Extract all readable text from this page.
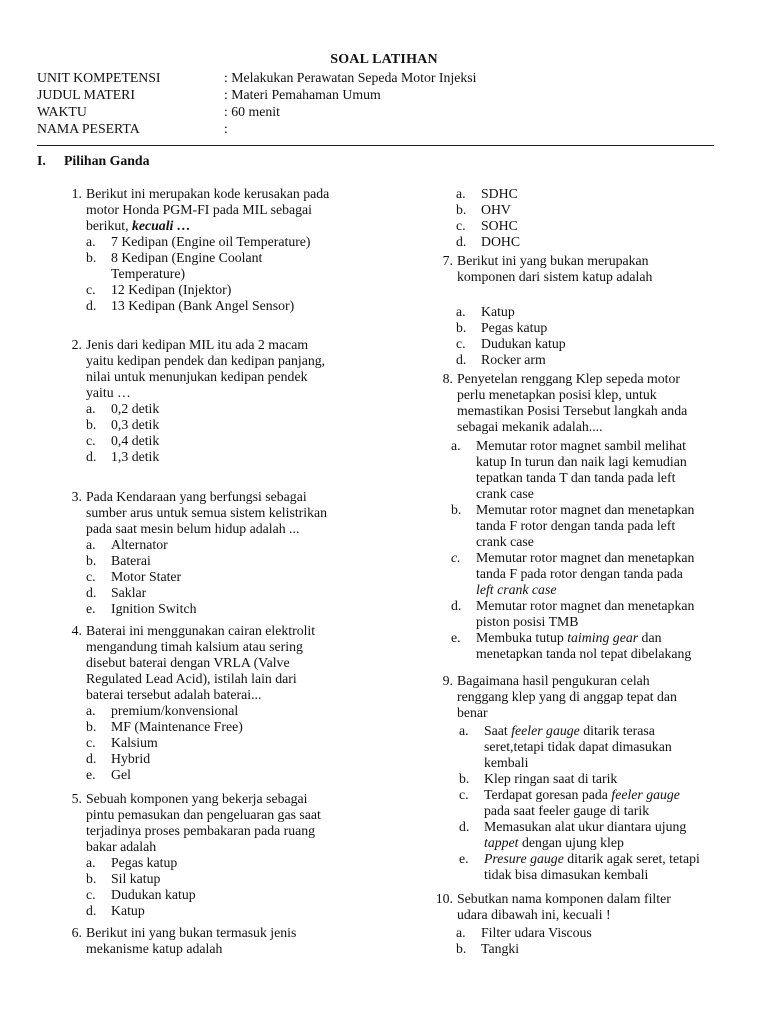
SOAL LATIHAN
UNIT KOMPETENSI	: Melakukan Perawatan Sepeda Motor Injeksi
JUDUL MATERI	: Materi Pemahaman Umum
WAKTU	: 60 menit
NAMA PESERTA	:
I. Pilihan Ganda
1. Berikut ini merupakan kode kerusakan pada
motor Honda PGM-FI pada MIL sebagai
berikut, kecuali …
a. 7 Kedipan (Engine oil Temperature)
b. 8 Kedipan (Engine Coolant
Temperature)
c. 12 Kedipan (Injektor)
d. 13 Kedipan (Bank Angel Sensor)
2. Jenis dari kedipan MIL itu ada 2 macam
yaitu kedipan pendek dan kedipan panjang,
nilai untuk menunjukan kedipan pendek
yaitu …
a. 0,2 detik
b. 0,3 detik
c. 0,4 detik
d. 1,3 detik
3. Pada Kendaraan yang berfungsi sebagai
sumber arus untuk semua sistem kelistrikan
pada saat mesin belum hidup adalah ...
a. Alternator
b. Baterai
c. Motor Stater
d. Saklar
e. Ignition Switch
4. Baterai ini menggunakan cairan elektrolit
mengandung timah kalsium atau sering
disebut baterai dengan VRLA (Valve
Regulated Lead Acid), istilah lain dari
baterai tersebut adalah baterai...
a. premium/konvensional
b. MF (Maintenance Free)
c. Kalsium
d. Hybrid
e. Gel
5. Sebuah komponen yang bekerja sebagai
pintu pemasukan dan pengeluaran gas saat
terjadinya proses pembakaran pada ruang
bakar adalah
a. Pegas katup
b. Sil katup
c. Dudukan katup
d. Katup
6. Berikut ini yang bukan termasuk jenis
mekanisme katup adalah
a. SDHC
b. OHV
c. SOHC
d. DOHC
7. Berikut ini yang bukan merupakan
komponen dari sistem katup adalah
a. Katup
b. Pegas katup
c. Dudukan katup
d. Rocker arm
8. Penyetelan renggang Klep sepeda motor
perlu menetapkan posisi klep, untuk
memastikan Posisi Tersebut langkah anda
sebagai mekanik adalah....
a. Memutar rotor magnet sambil melihat
katup In turun dan naik lagi kemudian
tepatkan tanda T dan tanda pada left
crank case
b. Memutar rotor magnet dan menetapkan
tanda F rotor dengan tanda pada left
crank case
c. Memutar rotor magnet dan menetapkan
tanda F pada rotor dengan tanda pada
left crank case
d. Memutar rotor magnet dan menetapkan
piston posisi TMB
e. Membuka tutup taiming gear dan
menetapkan tanda nol tepat dibelakang
9. Bagaimana hasil pengukuran celah
renggang klep yang di anggap tepat dan
benar
a. Saat feeler gauge ditarik terasa
seret,tetapi tidak dapat dimasukan
kembali
b. Klep ringan saat di tarik
c. Terdapat goresan pada feeler gauge
pada saat feeler gauge di tarik
d. Memasukan alat ukur diantara ujung
tappet dengan ujung klep
e. Presure gauge ditarik agak seret, tetapi
tidak bisa dimasukan kembali
10. Sebutkan nama komponen dalam filter
udara dibawah ini, kecuali !
a. Filter udara Viscous
b. Tangki
